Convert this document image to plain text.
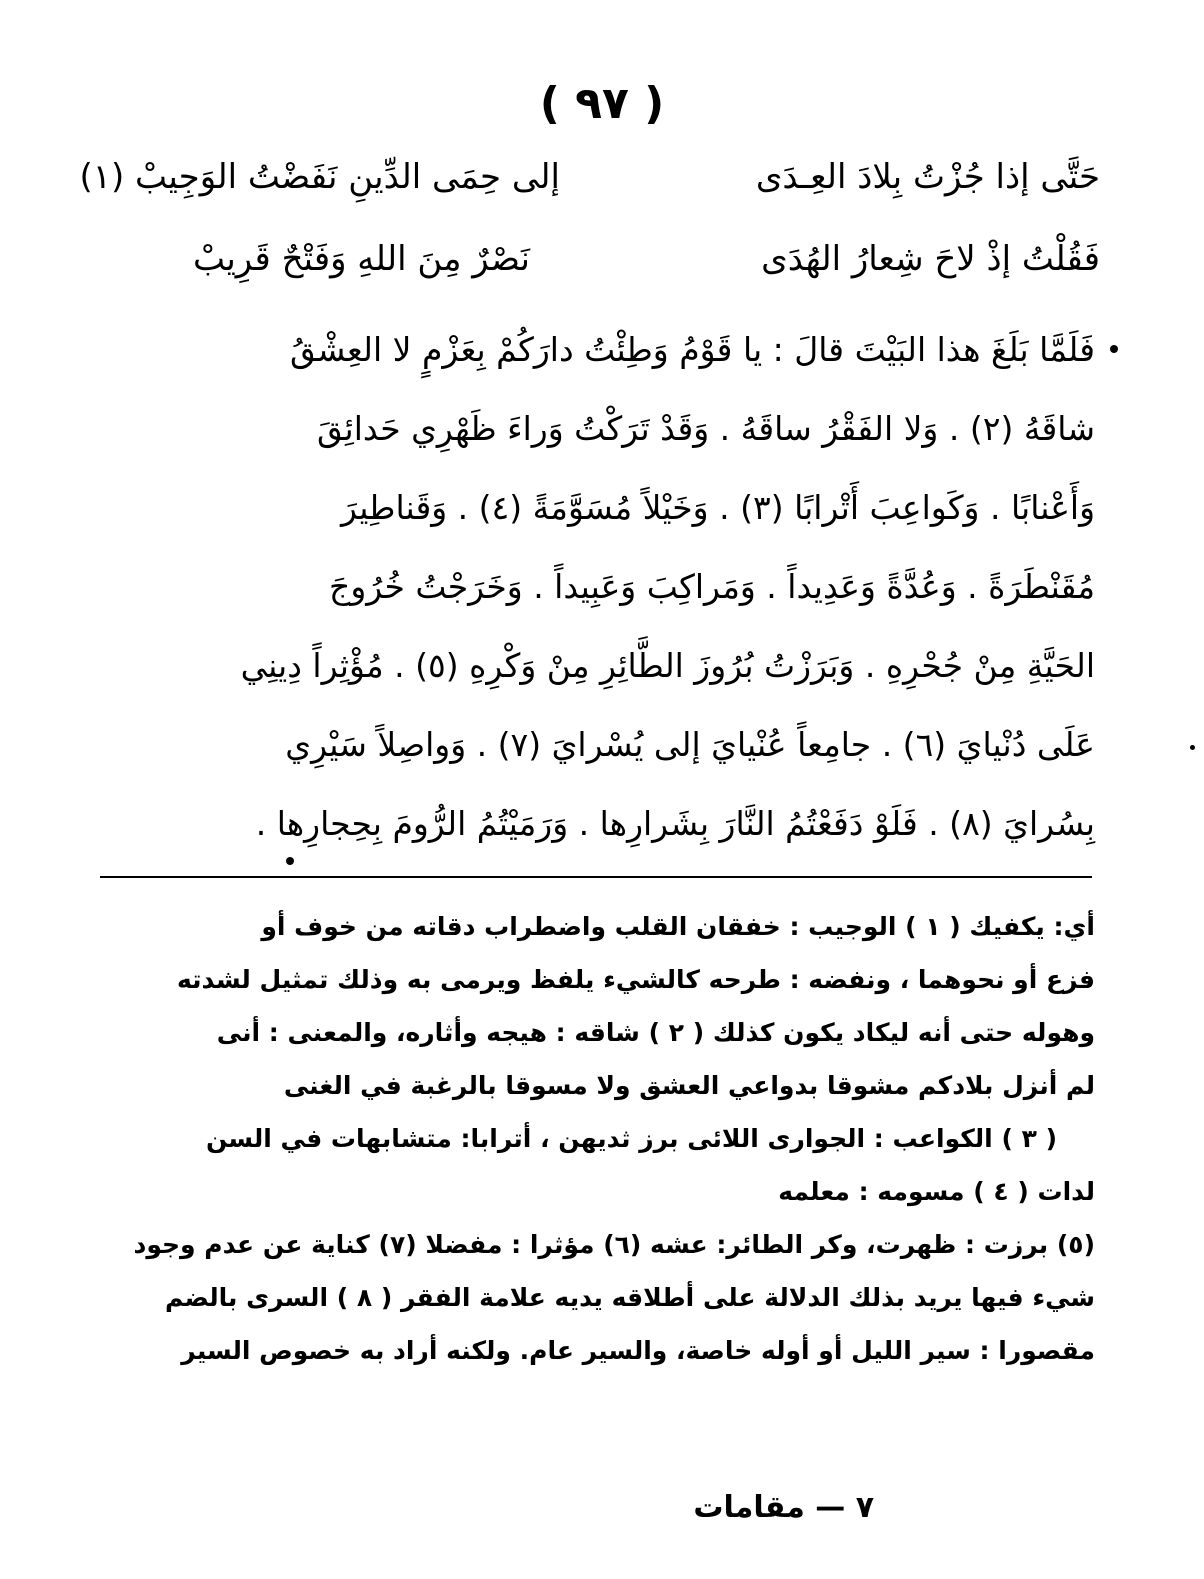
( ٩٧ )
حَتَّى إذا جُزْتُ بِلادَ العِـدَى
إلى حِمَى الدِّينِ نَفَضْتُ الوَجِيبْ (١)
فَقُلْتُ إذْ لاحَ شِعارُ الهُدَى
نَصْرٌ مِنَ اللهِ وَفَتْحٌ قَرِيبْ

فَلَمَّا بَلَغَ هذا البَيْتَ قالَ : يا قَوْمُ وَطِئْتُ دارَكُمْ بِعَزْمٍ لا العِشْقُ

شاقَهُ (٢) . وَلا الفَقْرُ ساقَهُ . وَقَدْ تَرَكْتُ وَراءَ ظَهْرِي حَدائِقَ

وَأَعْنابًا . وَكَواعِبَ أَتْرابًا (٣) . وَخَيْلاً مُسَوَّمَةً (٤) . وَقَناطِيرَ

مُقَنْطَرَةً . وَعُدَّةً وَعَدِيداً . وَمَراكِبَ وَعَبِيداً . وَخَرَجْتُ خُرُوجَ

الحَيَّةِ مِنْ جُحْرِهِ . وَبَرَزْتُ بُرُوزَ الطَّائِرِ مِنْ وَكْرِهِ (٥) . مُؤْثِراً دِينِي

عَلَى دُنْيايَ (٦) . جامِعاً عُنْيايَ إلى يُسْرايَ (٧) . وَواصِلاً سَيْرِي

بِسُرايَ (٨) . فَلَوْ دَفَعْتُمُ النَّارَ بِشَرارِها . وَرَمَيْتُمُ الرُّومَ بِحِجارِها .

أي: يكفيك ( ١ ) الوجيب : خفقان القلب واضطراب دقاته من خوف أو

فزع أو نحوهما ، ونفضه : طرحه كالشيء يلفظ ويرمى به وذلك تمثيل لشدته

وهوله حتى أنه ليكاد يكون كذلك ( ٢ ) شاقه : هيجه وأثاره، والمعنى : أنى

لم أنزل بلادكم مشوقا بدواعي العشق ولا مسوقا بالرغبة في الغنى

( ٣ ) الكواعب : الجوارى اللائى برز ثديهن ، أترابا: متشابهات في السن

لدات ( ٤ ) مسومه : معلمه

(٥) برزت : ظهرت، وكر الطائر: عشه (٦) مؤثرا : مفضلا (٧) كناية عن عدم وجود

شيء فيها يريد بذلك الدلالة على أطلاقه يديه علامة الفقر ( ٨ ) السرى بالضم

مقصورا : سير الليل أو أوله خاصة، والسير عام. ولكنه أراد به خصوص السير

٧ — مقامات
